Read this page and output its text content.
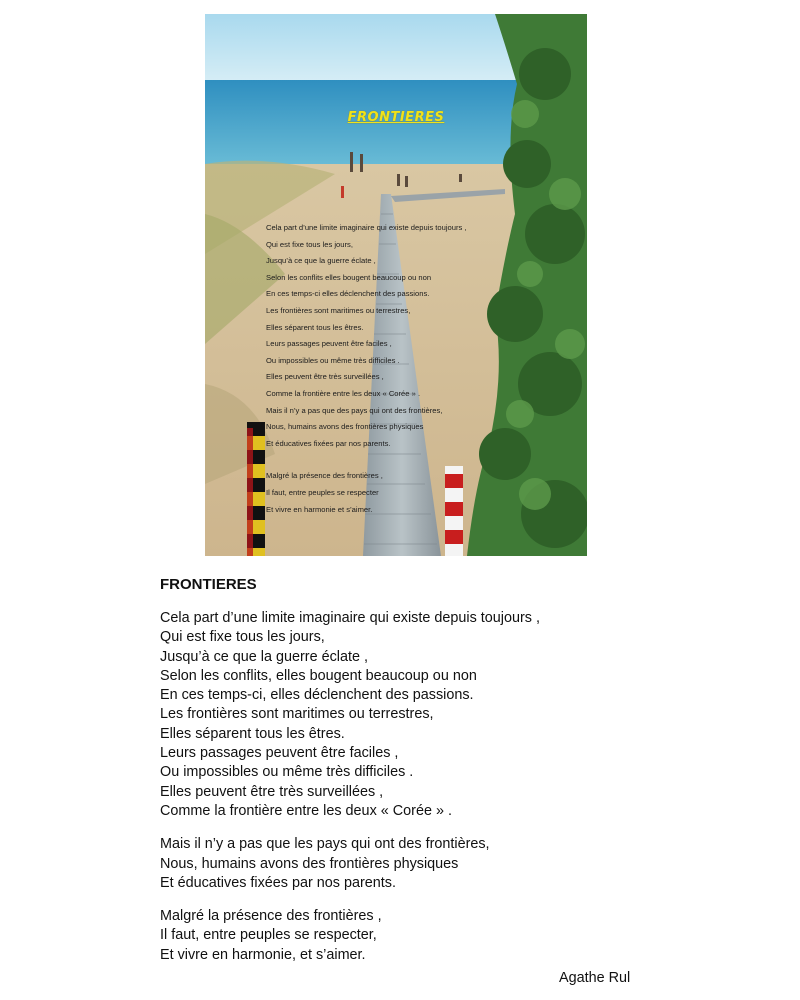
FRONTIERES

Cela part d’une limite imaginaire qui existe depuis toujours ,

Qui est fixe tous les jours,

Jusqu’à ce que la guerre éclate ,

Selon les conflits elles bougent beaucoup ou non

En ces temps-ci elles déclenchent des passions.

Les frontières sont maritimes ou terrestres,

Elles séparent tous les êtres.

Leurs passages peuvent être faciles ,

Ou impossibles ou même très difficiles .

Elles peuvent être très surveillées ,

Comme la frontière entre les deux « Corée » .

Mais il n’y a pas que des pays qui ont des frontières,

Nous, humains avons des frontières physiques

Et éducatives fixées par nos parents.

Malgré la présence des frontières ,

Il faut, entre peuples se respecter

Et vivre en harmonie et s’aimer.

FRONTIERES

Cela part d’une limite imaginaire qui existe depuis toujours ,

Qui est fixe tous les jours,

Jusqu’à ce que la guerre éclate ,

Selon les conflits, elles bougent beaucoup ou non

En ces temps-ci, elles déclenchent des passions.

Les frontières sont maritimes ou terrestres,

Elles séparent tous les êtres.

Leurs passages peuvent être faciles ,

Ou impossibles ou même très difficiles .

Elles peuvent être très surveillées ,

Comme la frontière entre les deux « Corée » .

Mais il n’y a pas que les pays qui ont des frontières,

Nous, humains avons des frontières physiques

Et éducatives fixées par nos parents.

Malgré la présence des frontières ,

Il faut, entre peuples se respecter,

Et vivre en harmonie, et s’aimer.

Agathe Rul
